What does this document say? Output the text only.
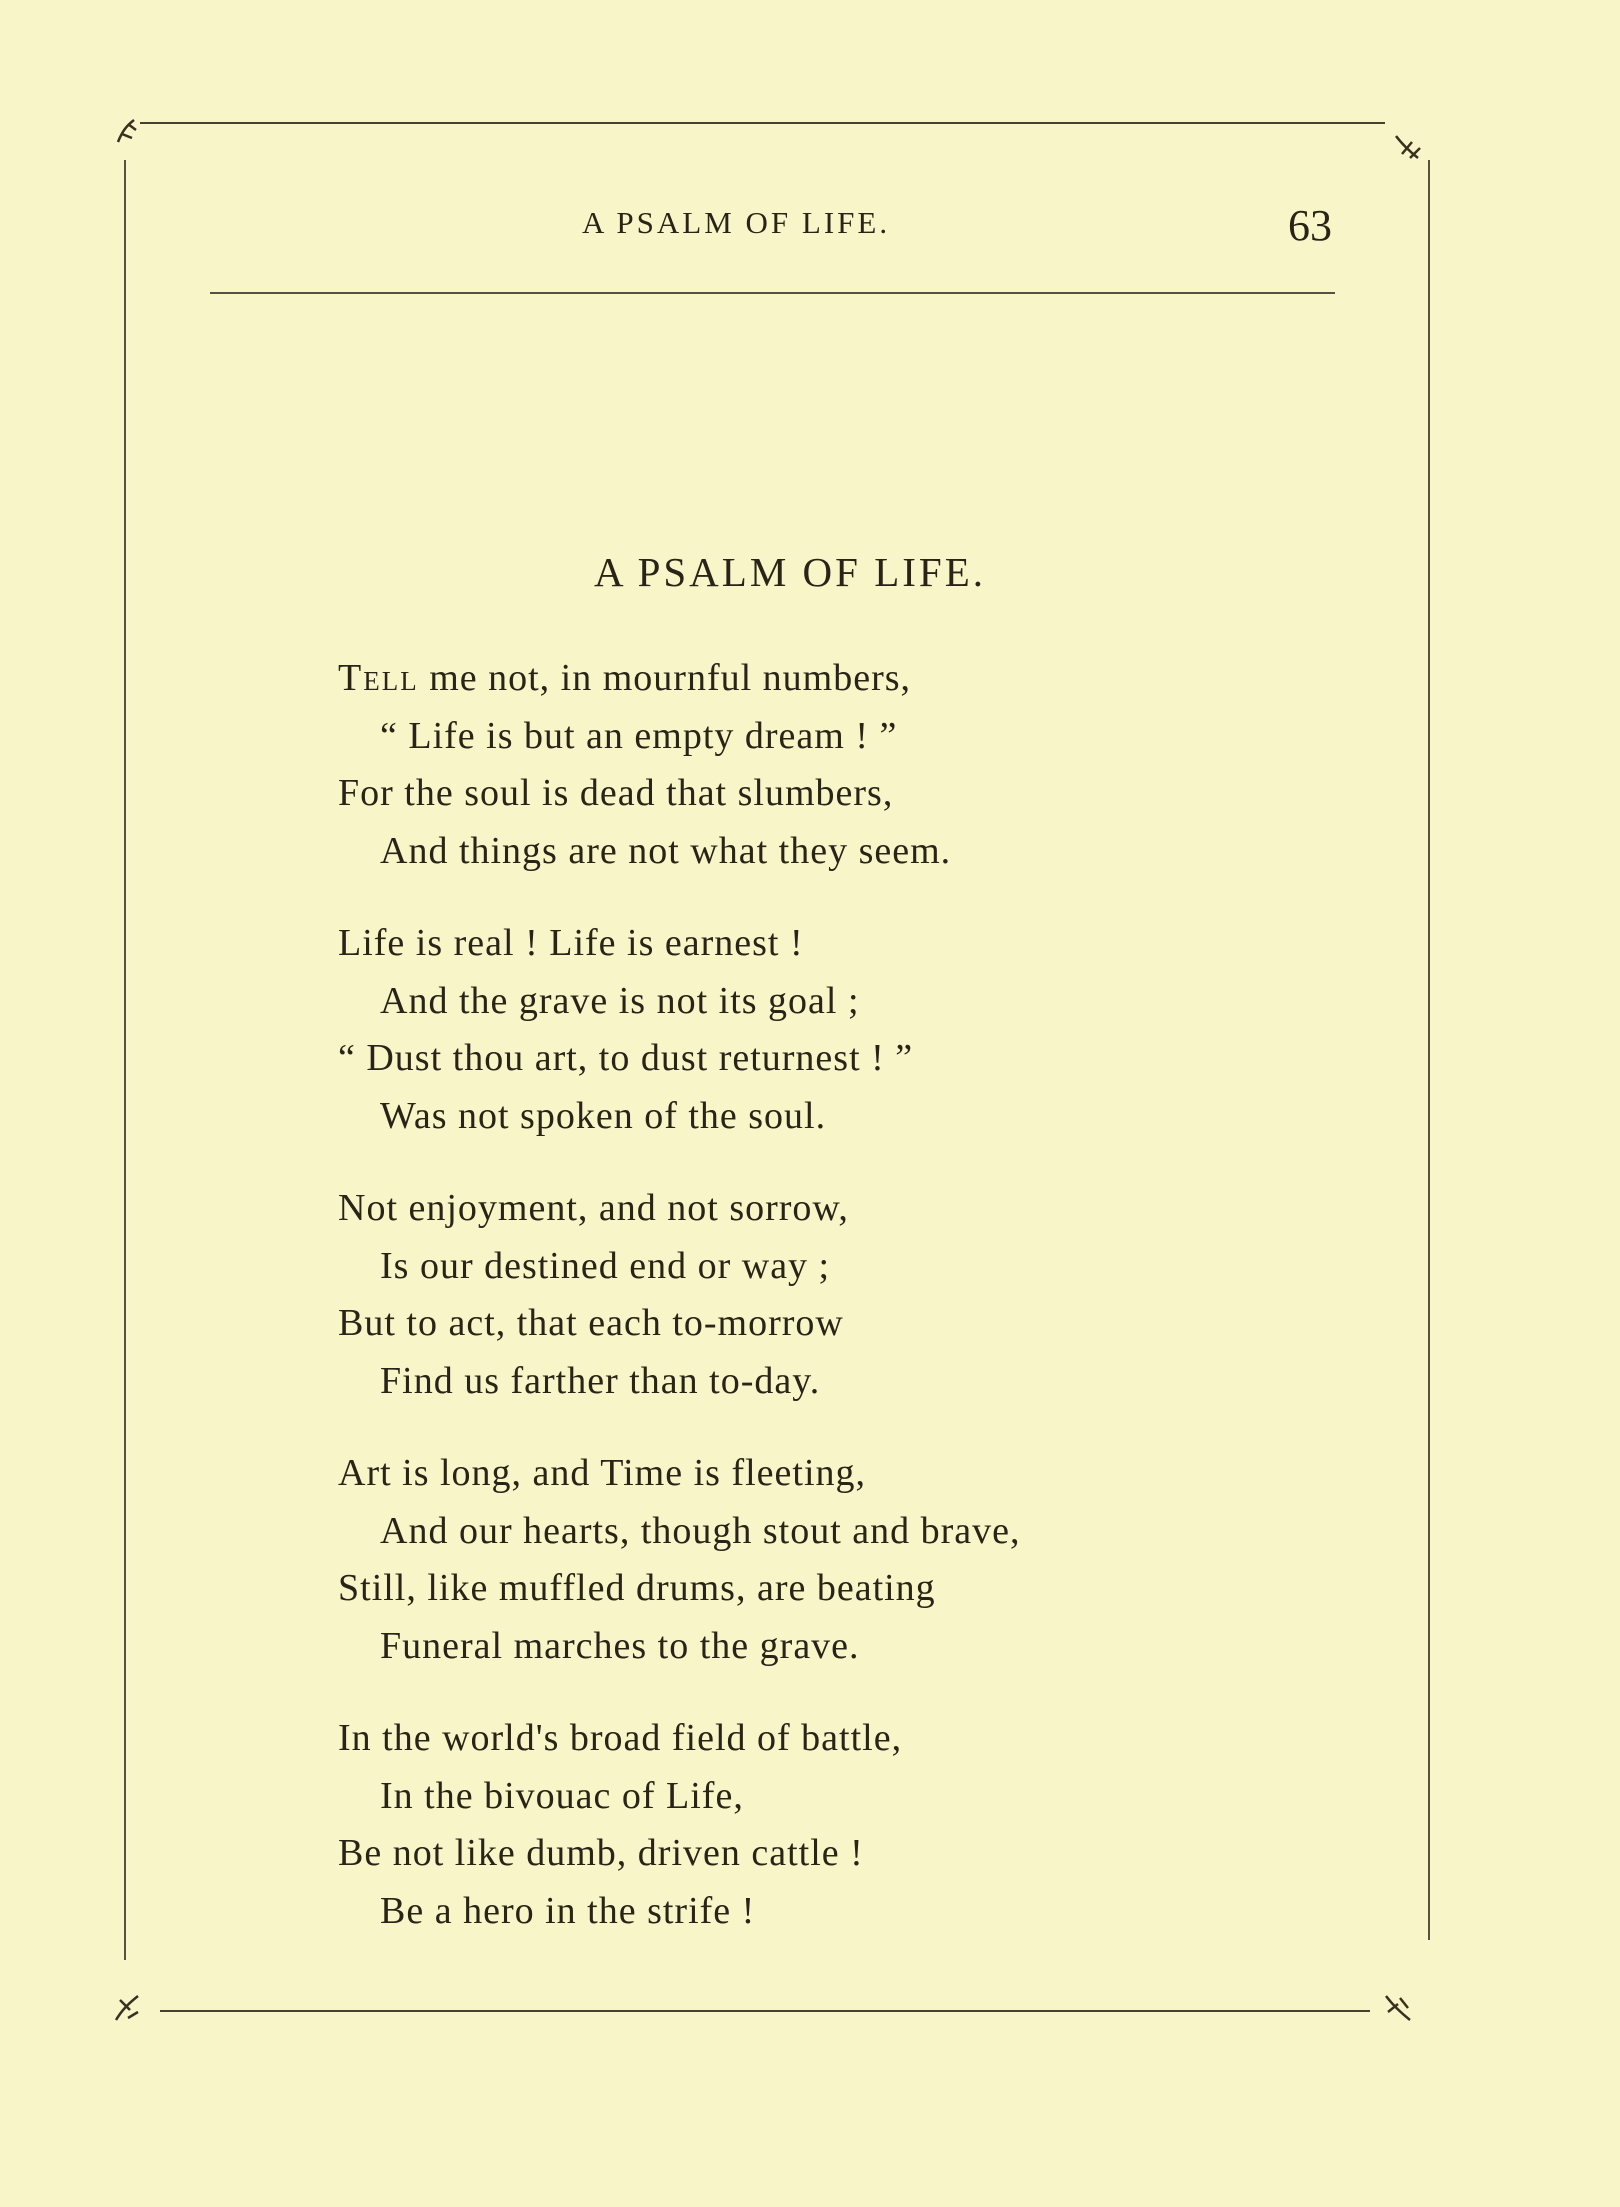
A PSALM OF LIFE.	63
A PSALM OF LIFE.
Tell me not, in mournful numbers,
“ Life is but an empty dream ! ”
For the soul is dead that slumbers,
And things are not what they seem.
Life is real ! Life is earnest !
And the grave is not its goal ;
“ Dust thou art, to dust returnest ! ”
Was not spoken of the soul.
Not enjoyment, and not sorrow,
Is our destined end or way ;
But to act, that each to-morrow
Find us farther than to-day.
Art is long, and Time is fleeting,
And our hearts, though stout and brave,
Still, like muffled drums, are beating
Funeral marches to the grave.
In the world's broad field of battle,
In the bivouac of Life,
Be not like dumb, driven cattle !
Be a hero in the strife !
